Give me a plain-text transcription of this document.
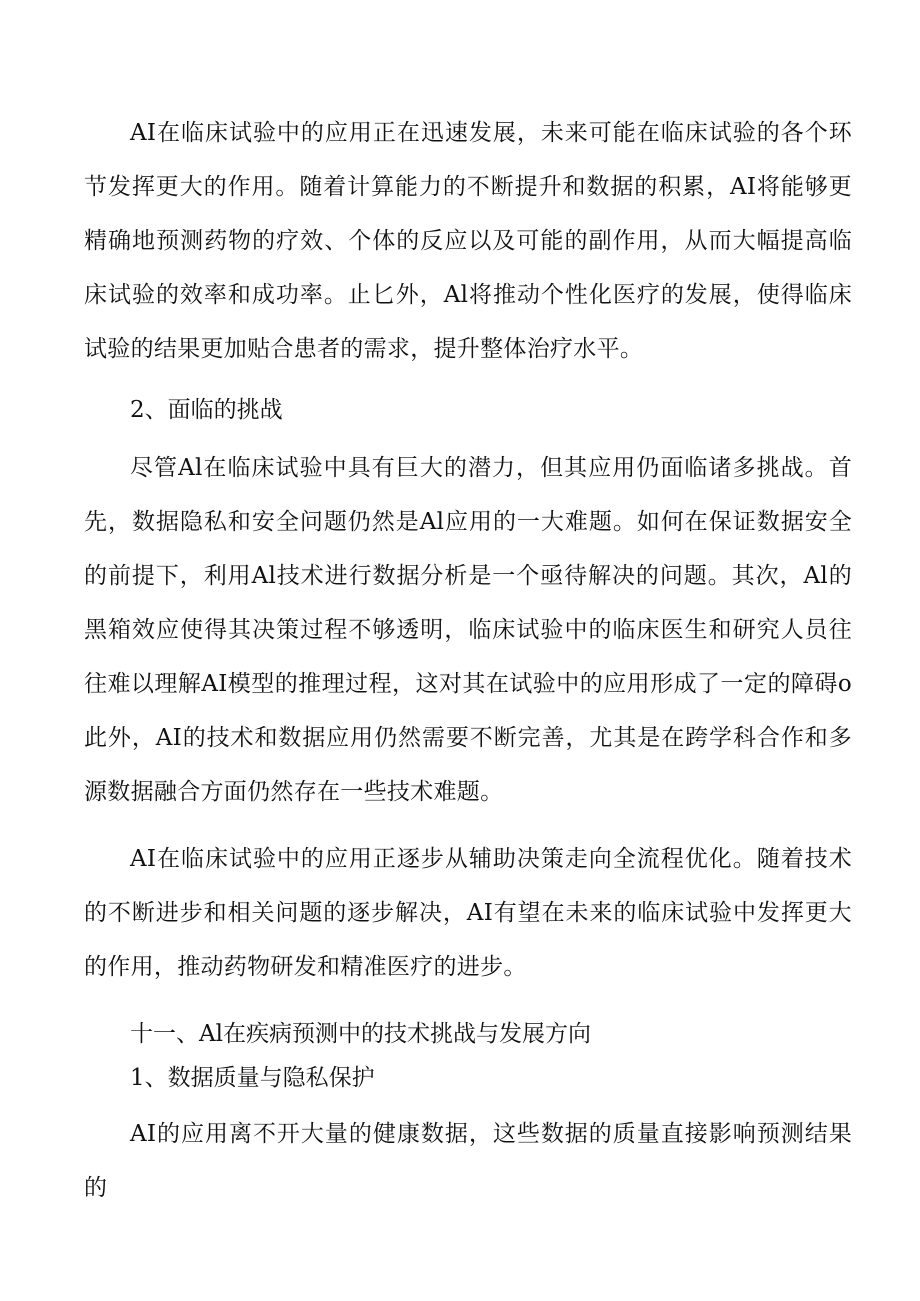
AI在临床试验中的应用正在迅速发展，未来可能在临床试验的各个环节发挥更大的作用。随着计算能力的不断提升和数据的积累，AI将能够更精确地预测药物的疗效、个体的反应以及可能的副作用，从而大幅提高临床试验的效率和成功率。止匕外，Al将推动个性化医疗的发展，使得临床试验的结果更加贴合患者的需求，提升整体治疗水平。

2、面临的挑战

尽管Al在临床试验中具有巨大的潜力，但其应用仍面临诸多挑战。首先，数据隐私和安全问题仍然是Al应用的一大难题。如何在保证数据安全的前提下，利用Al技术进行数据分析是一个亟待解决的问题。其次，Al的黑箱效应使得其决策过程不够透明，临床试验中的临床医生和研究人员往往难以理解AI模型的推理过程，这对其在试验中的应用形成了一定的障碍o此外，AI的技术和数据应用仍然需要不断完善，尤其是在跨学科合作和多源数据融合方面仍然存在一些技术难题。

AI在临床试验中的应用正逐步从辅助决策走向全流程优化。随着技术的不断进步和相关问题的逐步解决，AI有望在未来的临床试验中发挥更大的作用，推动药物研发和精准医疗的进步。

十一、Al在疾病预测中的技术挑战与发展方向

1、数据质量与隐私保护

AI的应用离不开大量的健康数据，这些数据的质量直接影响预测结果的
